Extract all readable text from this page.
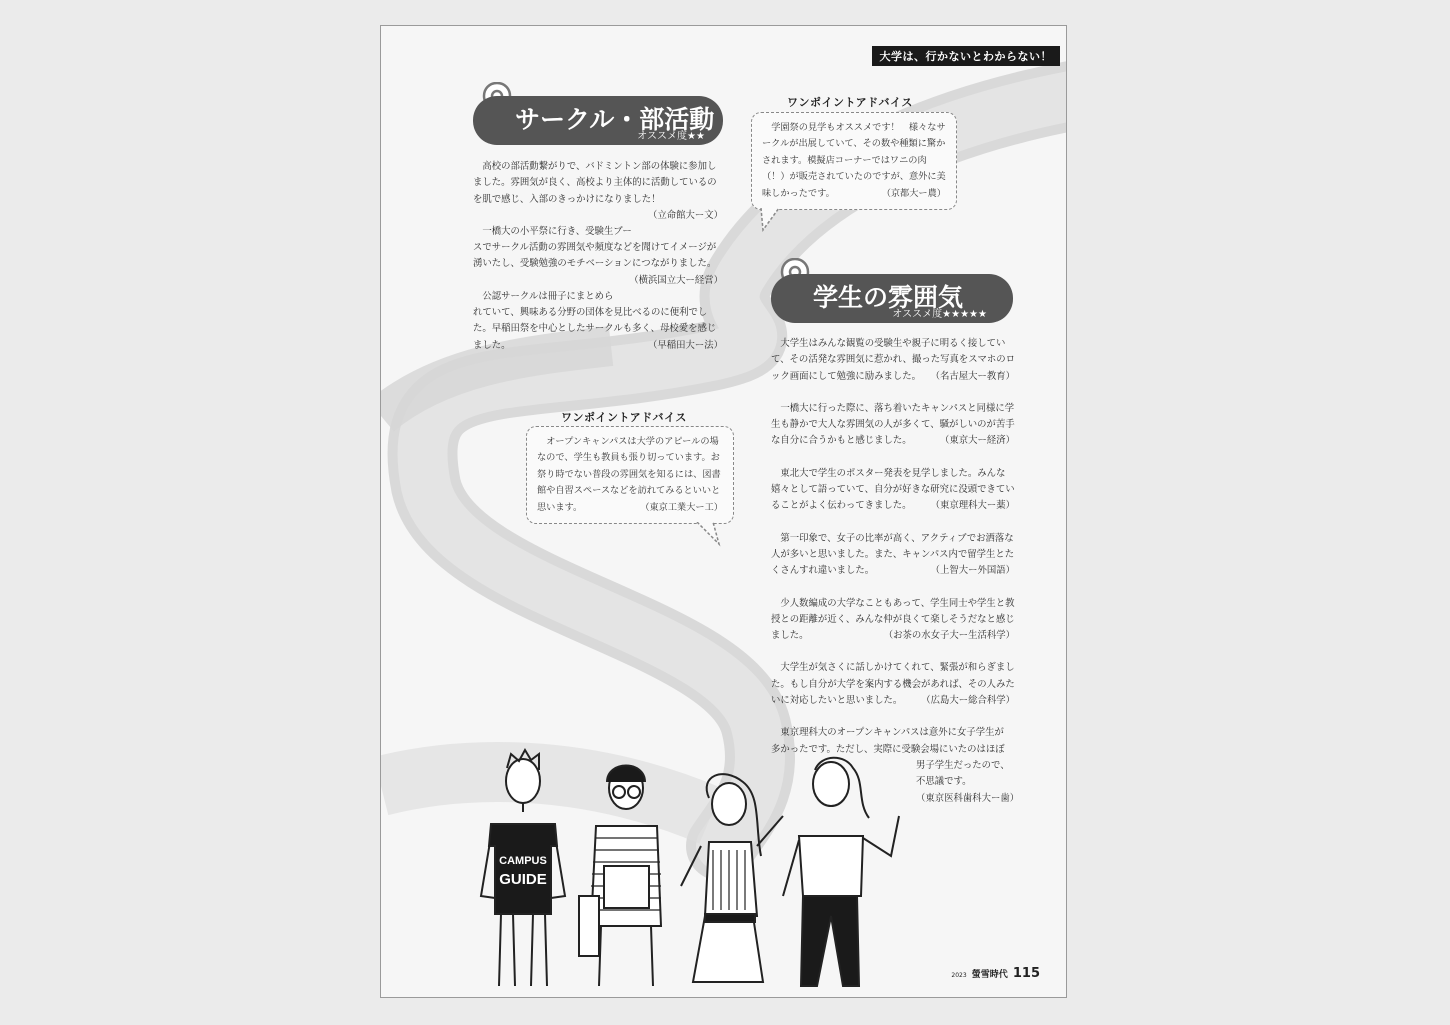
大学は、行かないとわからない！
サークル・部活動
オススメ度★★

高校の部活動繋がりで、バドミントン部の体験に参加しました。雰囲気が良く、高校より主体的に活動しているのを肌で感じ、入部のきっかけになりました！
（立命館大ー文）

一橋大の小平祭に行き、受験生ブースでサークル活動の雰囲気や頻度などを聞けてイメージが湧いたし、受験勉強のモチベーションにつながりました。
（横浜国立大ー経営）

公認サークルは冊子にまとめられていて、興味ある分野の団体を見比べるのに便利でした。早稲田祭を中心としたサークルも多く、母校愛を感じました。	（早稲田大ー法）

ワンポイントアドバイス

学園祭の見学もオススメです！　様々なサークルが出展していて、その数や種類に驚かされます。模擬店コーナーではワニの肉（！）が販売されていたのですが、意外に美味しかったです。	（京都大ー農）

ワンポイントアドバイス

オープンキャンパスは大学のアピールの場なので、学生も教員も張り切っています。お祭り時でない普段の雰囲気を知るには、図書館や自習スペースなどを訪れてみるといいと思います。	（東京工業大ー工）

学生の雰囲気
オススメ度★★★★★

大学生はみんな観覧の受験生や親子に明るく接していて、その活発な雰囲気に惹かれ、撮った写真をスマホのロック画面にして勉強に励みました。	（名古屋大ー教育）

一橋大に行った際に、落ち着いたキャンパスと同様に学生も静かで大人な雰囲気の人が多くて、騒がしいのが苦手な自分に合うかもと感じました。	（東京大ー経済）

東北大で学生のポスター発表を見学しました。みんな嬉々として語っていて、自分が好きな研究に没頭できていることがよく伝わってきました。	（東京理科大ー薬）

第一印象で、女子の比率が高く、アクティブでお洒落な人が多いと思いました。また、キャンパス内で留学生とたくさんすれ違いました。	（上智大ー外国語）

少人数編成の大学なこともあって、学生同士や学生と教授との距離が近く、みんな仲が良くて楽しそうだなと感じました。	（お茶の水女子大ー生活科学）

大学生が気さくに話しかけてくれて、緊張が和らぎました。もし自分が大学を案内する機会があれば、その人みたいに対応したいと思いました。	（広島大ー総合科学）

東京理科大のオープンキャンパスは意外に女子学生が
多かったです。ただし、実際に受験会場にいたのはほぼ
男子学生だったので、
不思議です。
（東京医科歯科大ー歯）
CAMPUS
GUIDE
2023 螢雪時代 115
